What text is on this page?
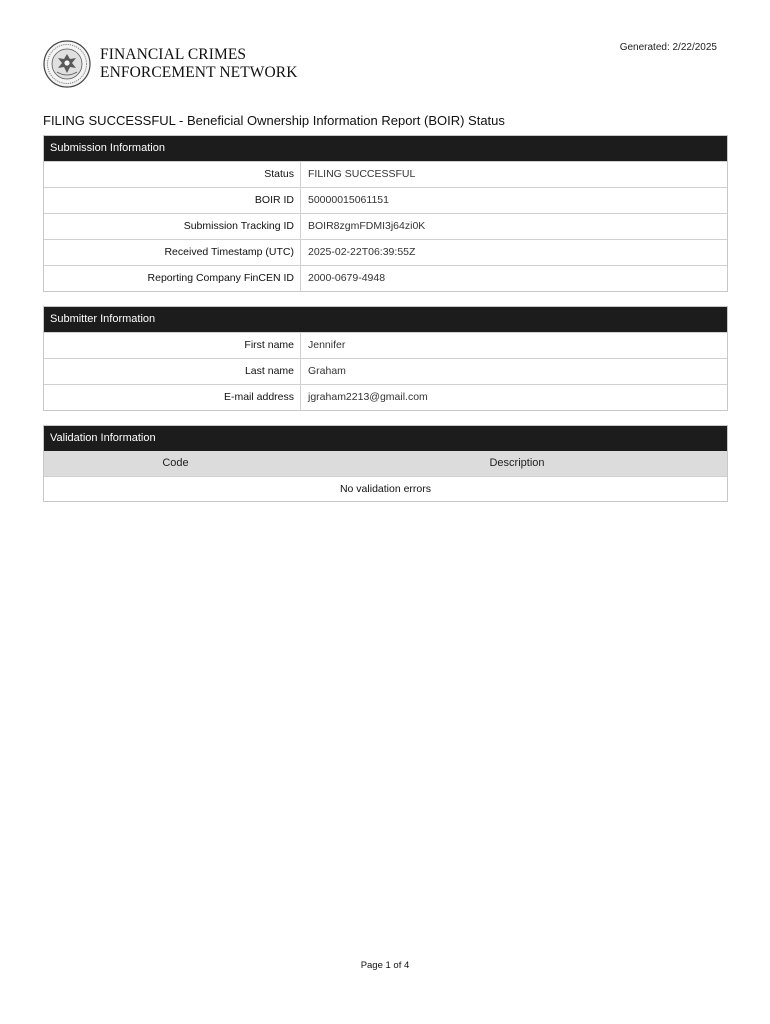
Generated: 2/22/2025
FINANCIAL CRIMES
ENFORCEMENT NETWORK
FILING SUCCESSFUL - Beneficial Ownership Information Report (BOIR) Status
Submission Information
Status	FILING SUCCESSFUL
BOIR ID	50000015061151
Submission Tracking ID	BOIR8zgmFDMI3j64zi0K
Received Timestamp (UTC)	2025-02-22T06:39:55Z
Reporting Company FinCEN ID	2000-0679-4948
Submitter Information
First name	Jennifer
Last name	Graham
E-mail address	jgraham2213@gmail.com
Validation Information
Code	Description
No validation errors
Page 1 of 4
